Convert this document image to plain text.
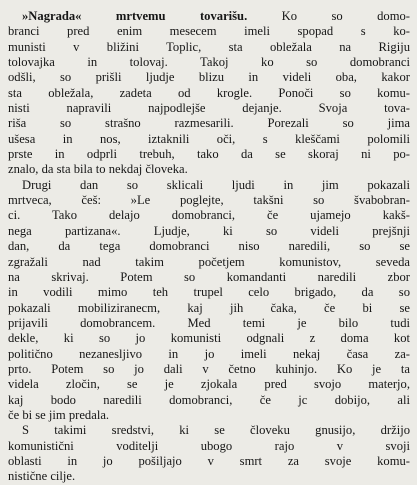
»Nagrada« mrtvemu tovarišu.	Ko so domo-
branci pred enim mesecem imeli spopad s ko-
munisti v bližini Toplic, sta obležala na Rigiju
tolovajka in tolovaj. Takoj ko so domobranci
odšli, so prišli ljudje blizu in videli oba, kakor
sta obležala, zadeta od krogle. Ponoči so komu-
nisti napravili najpodlejše dejanje. Svoja tova-
riša so strašno razmesarili. Porezali so jima
ušesa in nos, iztaknili oči, s kleščami polomili
prste in odprli trebuh, tako da se skoraj ni po-
znalo, da sta bila to nekdaj človeka.
Drugi dan so sklicali ljudi in jim pokazali
mrtveca, češ: »Le poglejte, takšni so švabobran-
ci. Tako delajo domobranci, če ujamejo kakš-
nega partizana«. Ljudje, ki so videli prejšnji
dan, da tega domobranci niso naredili, so se
zgražali nad takim početjem komunistov, seveda
na skrivaj. Potem so komandanti naredili zbor
in vodili mimo teh trupel celo brigado, da so
pokazali mobiliziranecm, kaj jih čaka, če bi se
prijavili domobrancem. Med temi je bilo tudi
dekle, ki so jo komunisti odgnali z doma kot
politično nezanesljivo in jo imeli nekaj časa za-
prto. Potem so jo dali v četno kuhinjo. Ko je ta
videla zločin, se je zjokala pred svojo materjo,
kaj bodo naredili domobranci, če jc dobijo, ali
če bi se jim predala.
S takimi sredstvi, ki se človeku gnusijo, držijo
komunistični voditelji ubogo rajo v svoji
oblasti in jo pošiljajo v smrt za svoje komu-
nistične cilje.
